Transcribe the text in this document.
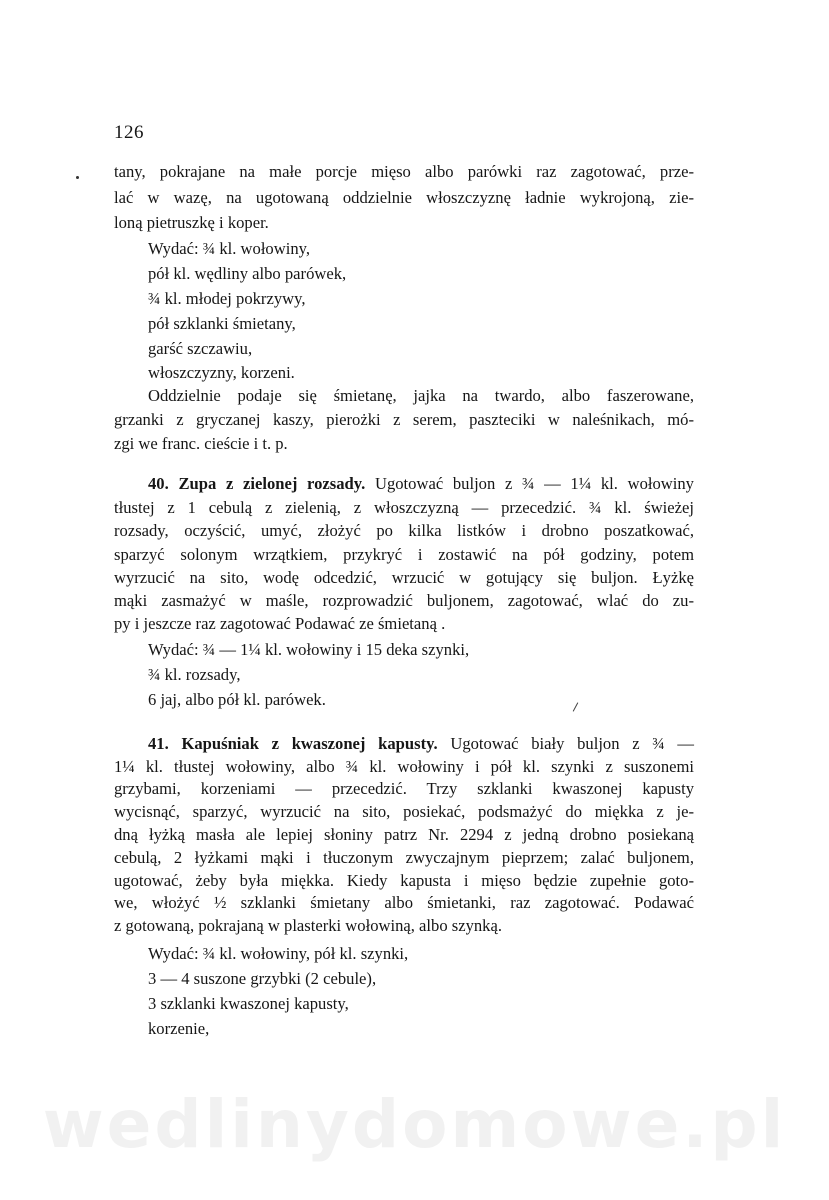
126
tany, pokrajane na małe porcje mięso albo parówki raz zagotować, prze-
lać w wazę, na ugotowaną oddzielnie włoszczyznę ładnie wykrojoną, zie-
loną pietruszkę i koper.
Wydać: ¾ kl. wołowiny,
pół kl. wędliny albo parówek,
¾ kl. młodej pokrzywy,
pół szklanki śmietany,
garść szczawiu,
włoszczyzny, korzeni.
Oddzielnie podaje się śmietanę, jajka na twardo, albo faszerowane,
grzanki z gryczanej kaszy, pierożki z serem, paszteciki w naleśnikach, mó-
zgi we franc. cieście i t. p.
40. Zupa z zielonej rozsady. Ugotować buljon z ¾ — 1¼ kl. wołowiny
tłustej z 1 cebulą z zielenią, z włoszczyzną — przecedzić. ¾ kl. świeżej
rozsady, oczyścić, umyć, złożyć po kilka listków i drobno poszatkować,
sparzyć solonym wrzątkiem, przykryć i zostawić na pół godziny, potem
wyrzucić na sito, wodę odcedzić, wrzucić w gotujący się buljon. Łyżkę
mąki zasmażyć w maśle, rozprowadzić buljonem, zagotować, wlać do zu-
py i jeszcze raz zagotować Podawać ze śmietaną .
Wydać: ¾ — 1¼ kl. wołowiny i 15 deka szynki,
¾ kl. rozsady,
6 jaj, albo pół kl. parówek.
41. Kapuśniak z kwaszonej kapusty. Ugotować biały buljon z ¾ —
1¼ kl. tłustej wołowiny, albo ¾ kl. wołowiny i pół kl. szynki z suszonemi
grzybami, korzeniami — przecedzić. Trzy szklanki kwaszonej kapusty
wycisnąć, sparzyć, wyrzucić na sito, posiekać, podsmażyć do miękka z je-
dną łyżką masła ale lepiej słoniny patrz Nr. 2294 z jedną drobno posiekaną
cebulą, 2 łyżkami mąki i tłuczonym zwyczajnym pieprzem; zalać buljonem,
ugotować, żeby była miękka. Kiedy kapusta i mięso będzie zupełnie goto-
we, włożyć ½ szklanki śmietany albo śmietanki, raz zagotować. Podawać
z gotowaną, pokrajaną w plasterki wołowiną, albo szynką.
Wydać: ¾ kl. wołowiny, pół kl. szynki,
3 — 4 suszone grzybki (2 cebule),
3 szklanki kwaszonej kapusty,
korzenie,
wedlinydomowe.pl
